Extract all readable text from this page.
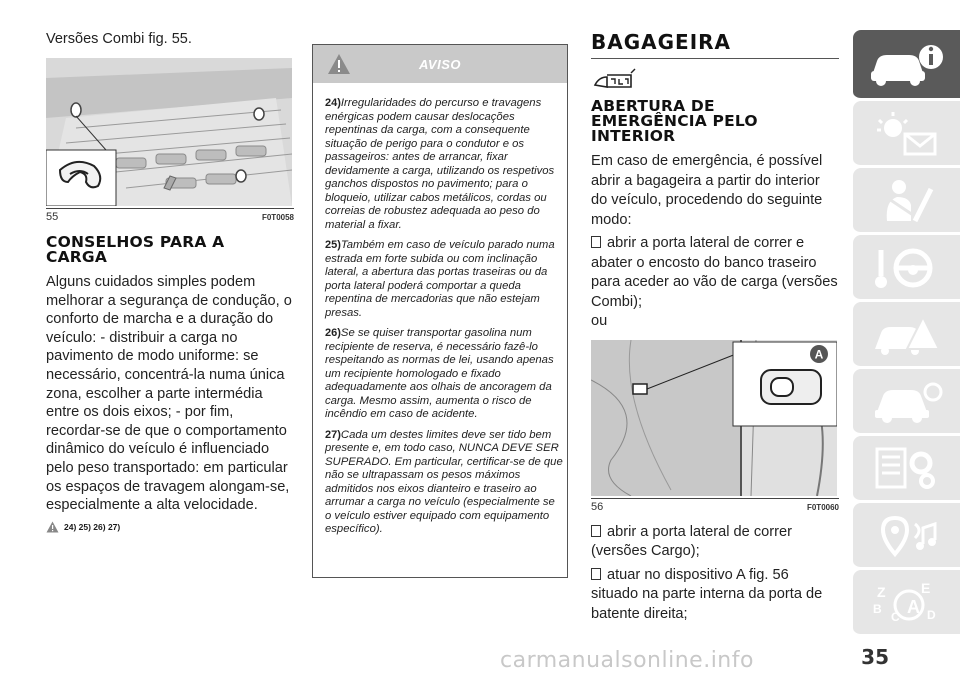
Versões Combi fig. 55.

55	F0T0058
CONSELHOS PARA A
CARGA

Alguns cuidados simples podem melhorar a segurança de condução, o conforto de marcha e a duração do veículo: - distribuir a carga no pavimento de modo uniforme: se necessário, concentrá-la numa única zona, escolher a parte intermédia entre os dois eixos; - por fim, recordar-se de que o comportamento dinâmico do veículo é influenciado pelo peso transportado: em particular os espaços de travagem alongam-se, especialmente a alta velocidade.

24) 25) 26) 27)
AVISO

24)Irregularidades do percurso e travagens enérgicas podem causar deslocações repentinas da carga, com a consequente situação de perigo para o condutor e os passageiros: antes de arrancar, fixar devidamente a carga, utilizando os respetivos ganchos dispostos no pavimento; para o bloqueio, utilizar cabos metálicos, cordas ou correias de robustez adequada ao peso do material a fixar.

25)Também em caso de veículo parado numa estrada em forte subida ou com inclinação lateral, a abertura das portas traseiras ou da porta lateral poderá comportar a queda repentina de mercadorias que não estejam presas.

26)Se se quiser transportar gasolina num recipiente de reserva, é necessário fazê-lo respeitando as normas de lei, usando apenas um recipiente homologado e fixado adequadamente aos olhais de ancoragem da carga. Mesmo assim, aumenta o risco de incêndio em caso de acidente.

27)Cada um destes limites deve ser tido bem presente e, em todo caso, NUNCA DEVE SER SUPERADO. Em particular, certificar-se de que não se ultrapassam os pesos máximos admitidos nos eixos dianteiro e traseiro ao arrumar a carga no veículo (especialmente se o veículo estiver equipado com equipamento específico).

BAGAGEIRA
ABERTURA DE
EMERGÊNCIA PELO
INTERIOR

Em caso de emergência, é possível abrir a bagageira a partir do interior do veículo, procedendo do seguinte modo:

abrir a porta lateral de correr e abater o encosto do banco traseiro para aceder ao vão de carga (versões Combi);

ou

A
56	F0T0060

abrir a porta lateral de correr (versões Cargo);

atuar no dispositivo A fig. 56 situado na parte interna da porta de batente direita;

Z	E
B
C A D
carmanualsonline.info	35
